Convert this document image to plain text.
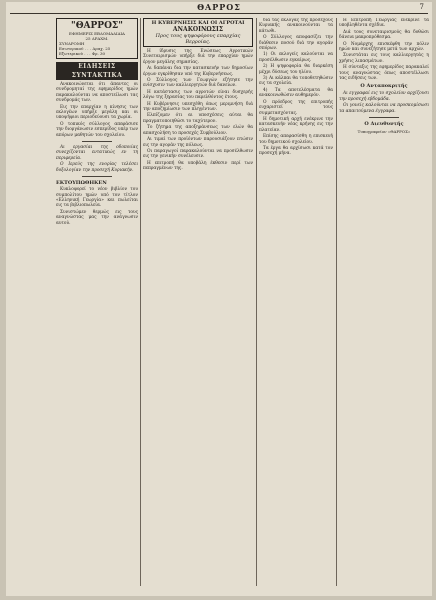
ΘΑΡΡΟΣ	7
"ΘΑΡΡΟΣ"
ΕΦΗΜΕΡΙΣ ΕΒΔΟΜΑΔΙΑΙΑ
25 ΔΡΑΧΜ.
ΣΥΝΔΡΟΜΗ
Εσωτερικού . . . Δραχ. 25
Εξωτερικού . . . Φρ. 30
ΕΙΔΗΣΕΙΣ ΣΥΝΤΑΚΤΙΚΑ

Ανακοινώνεται ότι άπαντες οι συνδρομηταί της εφημερίδος ημών παρακαλούνται να αποστείλωσι τας συνδρομάς των.

Εις την επαρχίαν η κίνησις των εκλογέων υπήρξε μεγάλη και οι υποψήφιοι περιοδεύουσι τα χωρία.

Ο τοπικός σύλλογος απεφάσισε την διοργάνωσιν εσπερίδος υπέρ των απόρων μαθητών του σχολείου.

Αι εργασίαι της οδοποιίας συνεχίζονται εντατικώς εν τη περιφερεία.

Ο Ιερεύς της ενορίας τελέσει δοξολογίαν την προσεχή Κυριακήν.

ΕΚΤΟΥΠΩΘΗΚΕΝ

Κυκλοφορεί το νέον βιβλίον του συμπολίτου ημών υπό τον τίτλον «Ελληνική Γεωργία» και πωλείται εις τα βιβλιοπωλεία.

Συνιστώμεν θερμώς εις τους αναγνώστας μας την ανάγνωσιν αυτού.

Η ΚΥΒΕΡΝΗΣΙΣ ΚΑΙ ΟΙ ΑΓΡΟΤΑΙ
ΑΝΑΚΟΙΝΩΣΙΣ
Προς τους ψηφοφόρους επαρχίας Βερροίας.

Η ίδρυσις της Ενώσεως Αγροτικών Συνεταιρισμών υπήρξε διά την επαρχίαν ημών έργον μεγάλης σημασίας.

Αι δαπάναι δια την κατασκευήν των δημοσίων έργων εγκρίθησαν υπό της Κυβερνήσεως.

Ο Σύλλογος των Γεωργών εζήτησε την ενίσχυσιν των καλλιεργητών διά δανείων.

Η κατάστασις των αγροτών είναι δυσχερής λόγω της ξηρασίας του παρελθόντος έτους.

Η Κυβέρνησις υπεσχέθη όπως μεριμνήση διά την αποζημίωσιν των πληγέντων.

Ελπίζομεν ότι αι υποσχέσεις αύται θα πραγματοποιηθώσι το ταχύτερον.

Το ζήτημα της αποξηράνσεως των ελών θα απασχολήση το προσεχές Συμβούλιον.

Αι τιμαί των προϊόντων παρουσιάζουν πτώσιν εις την αγοράν της πόλεως.

Οι παραγωγοί παρακαλούνται να προσέλθωσιν εις την γενικήν συνέλευσιν.

Η επιτροπή θα υποβάλη έκθεσιν περί των πεπραγμένων της.

διά τας εκλογάς της προσεχούς Κυριακής ανακοινούνται τα κάτωθι.

Ο Σύλλογος αποφασίζει την διάθεσιν ποσού διά την αγοράν σπόρων.

1) Οι εκλογείς καλούνται να προσέλθωσιν εγκαίρως.

2) Η ψηφοφορία θα διαρκέση μέχρι δύσεως του ηλίου.

3) Αι κάλπαι θα τοποθετηθώσιν εις τα σχολεία.

4) Τα αποτελέσματα θα ανακοινωθώσιν αυθημερόν.

Ο πρόεδρος της επιτροπής ευχαριστεί τους συμμετασχόντας.

Η δημοτική αρχή ενέκρινε την κατασκευήν νέας κρήνης εις την πλατείαν.

Επίσης απεφασίσθη η επισκευή του δημοτικού σχολείου.

Τα έργα θα αρχίσωσι κατά τον προσεχή μήνα.

Η Επιτροπή Γεωργίας ενέκρινε τα υποβληθέντα σχέδια.

Διά τους συνεταιρισμούς θα δοθώσι δάνεια μακροπρόθεσμα.

Ο Νομάρχης επισκέφθη την πόλιν ημών και συνεζήτησε μετά των αρχών.

Συνιστάται εις τους καλλιεργητάς η χρήσις λιπασμάτων.

Η σύνταξις της εφημερίδος παρακαλεί τους αναγνώστας όπως αποστέλλωσι τας ειδήσεις των.

Ο Ανταποκριτής

Αι εγγραφαί εις το σχολείον αρχίζουσι την προσεχή εβδομάδα.

Οι γονείς καλούνται να προσκομίσωσι τα απαιτούμενα έγγραφα.

Ο Διευθυντής
Τυπογραφείον «ΘΑΡΡΟΣ»
